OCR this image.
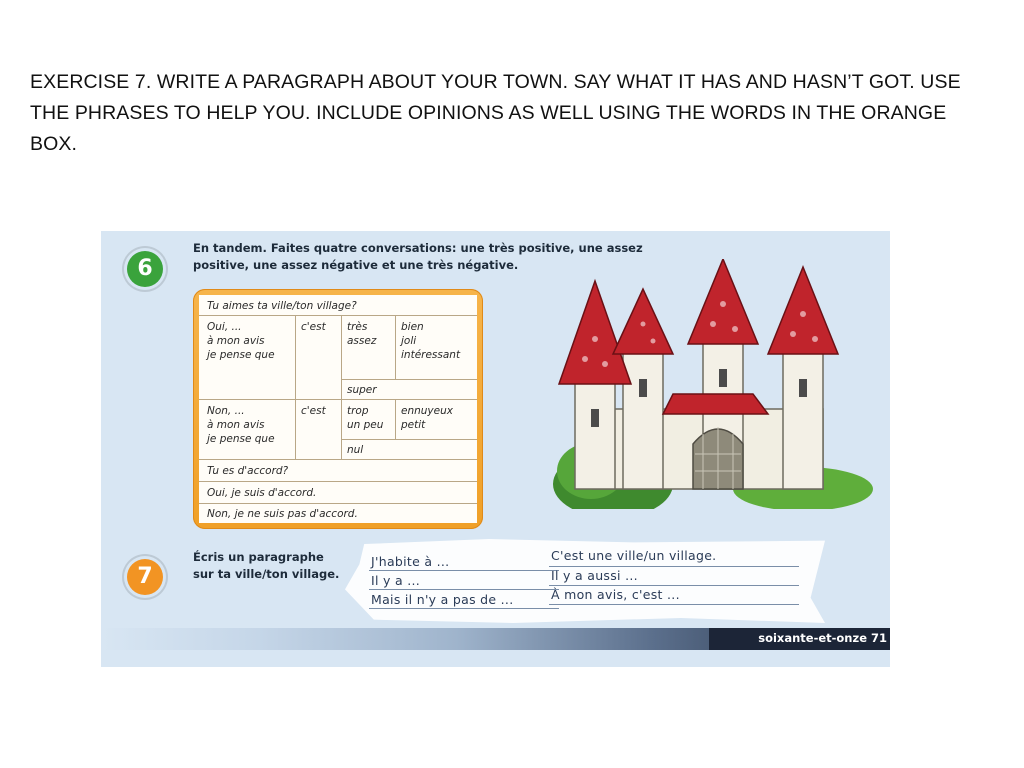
EXERCISE 7. WRITE A PARAGRAPH ABOUT YOUR TOWN. SAY WHAT IT HAS AND HASN’T GOT. USE THE PHRASES TO HELP YOU. INCLUDE OPINIONS AS WELL USING THE WORDS IN THE ORANGE BOX.
6
En tandem. Faites quatre conversations: une très positive, une assez positive, une assez négative et une très négative.
Tu aimes ta ville/ton village?
Oui, ...
à mon avis
je pense que
c'est très
assez
bien
joli
intéressant
super
Non, ...
à mon avis
je pense que
c'est trop
un peu
ennuyeux
petit
nul
Tu es d'accord?
Oui, je suis d'accord.
Non, je ne suis pas d'accord.
7
Écris un paragraphe sur ta ville/ton village.
J'habite à ...
Il y a ...
Mais il n'y a pas de ...
C'est une ville/un village.
Il y a aussi ...
À mon avis, c'est ...
soixante-et-onze 71
